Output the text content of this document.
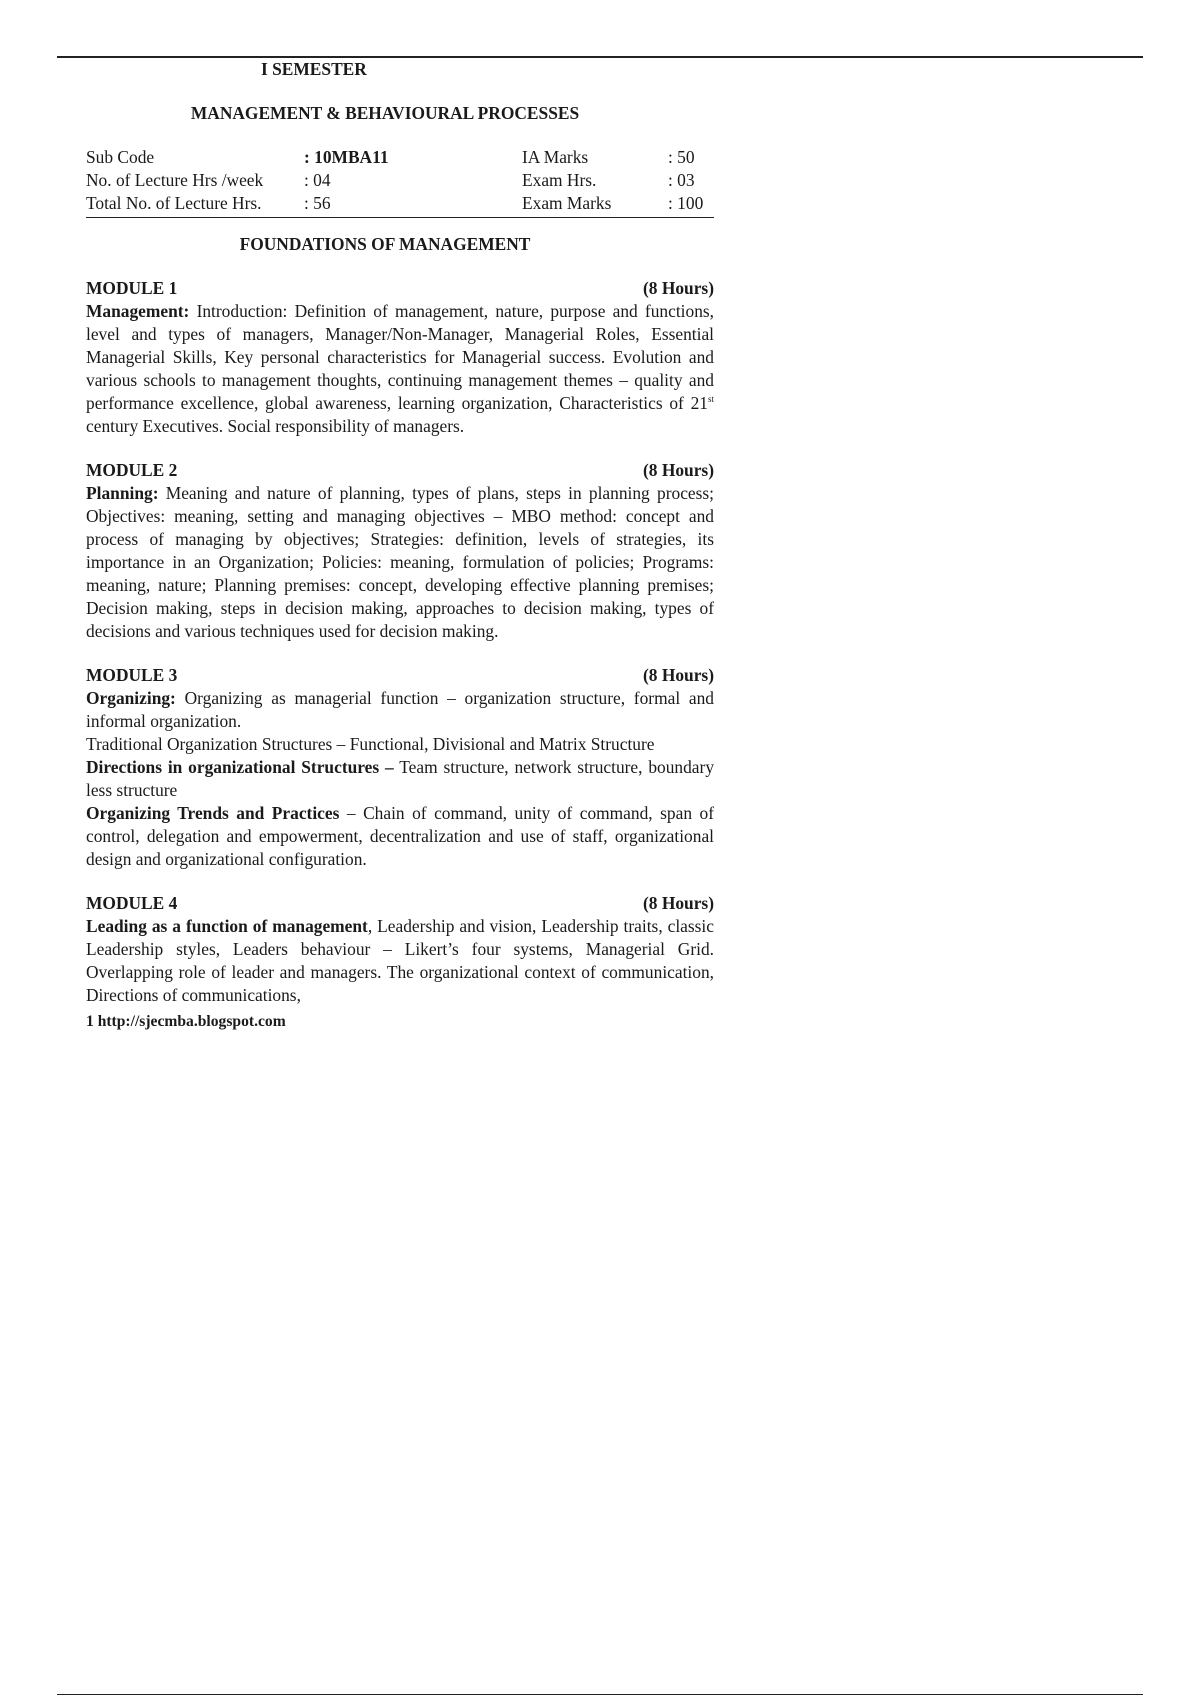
I SEMESTER
MANAGEMENT & BEHAVIOURAL PROCESSES
Sub Code	: 10MBA11	IA Marks	: 50
No. of Lecture Hrs /week	: 04	Exam Hrs.	: 03
Total No. of Lecture Hrs.	: 56	Exam Marks	: 100
FOUNDATIONS OF MANAGEMENT
MODULE 1	(8 Hours)

Management: Introduction: Definition of management, nature, purpose and functions, level and types of managers, Manager/Non-Manager, Managerial Roles, Essential Managerial Skills, Key personal characteristics for Managerial success. Evolution and various schools to management thoughts, continuing management themes – quality and performance excellence, global awareness, learning organization, Characteristics of 21st century Executives. Social responsibility of managers.

MODULE 2	(8 Hours)

Planning: Meaning and nature of planning, types of plans, steps in planning process; Objectives: meaning, setting and managing objectives – MBO method: concept and process of managing by objectives; Strategies: definition, levels of strategies, its importance in an Organization; Policies: meaning, formulation of policies; Programs: meaning, nature; Planning premises: concept, developing effective planning premises; Decision making, steps in decision making, approaches to decision making, types of decisions and various techniques used for decision making.

MODULE 3	(8 Hours)

Organizing: Organizing as managerial function – organization structure, formal and informal organization.

Traditional Organization Structures – Functional, Divisional and Matrix Structure

Directions in organizational Structures – Team structure, network structure, boundary less structure

Organizing Trends and Practices – Chain of command, unity of command, span of control, delegation and empowerment, decentralization and use of staff, organizational design and organizational configuration.

MODULE 4	(8 Hours)

Leading as a function of management, Leadership and vision, Leadership traits, classic Leadership styles, Leaders behaviour – Likert’s four systems, Managerial Grid. Overlapping role of leader and managers. The organizational context of communication, Directions of communications,

1 http://sjecmba.blogspot.com
